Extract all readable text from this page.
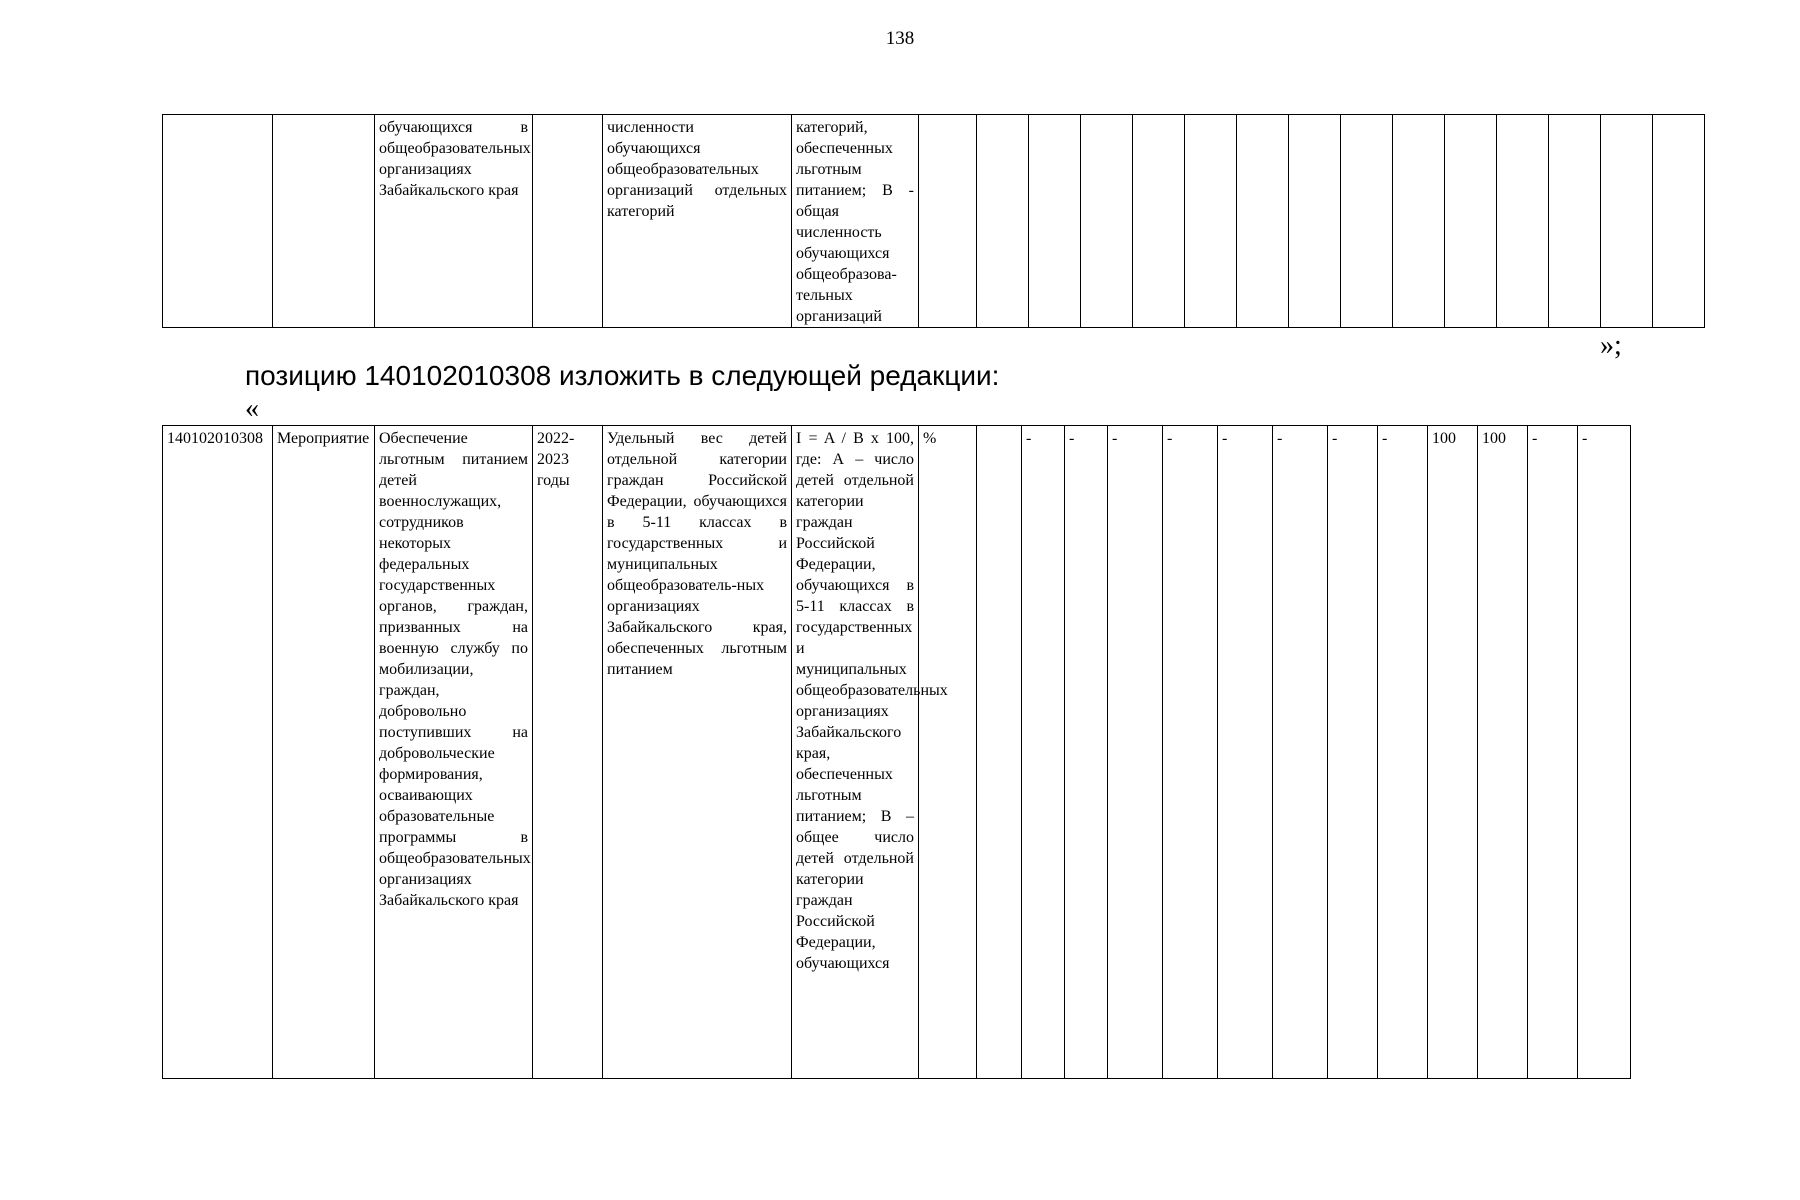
138
		обучающихся в общеобразовательных организациях Забайкальского края		численности обучающихся общеобразовательных организаций отдельных категорий	категорий, обеспеченных льготным питанием; В - общая численность обучающихся общеобразова-тельных организаций															
»;
позицию 140102010308 изложить в следующей редакции:
«
140102010308	Мероприятие	Обеспечение льготным питанием детей военнослужащих, сотрудников некоторых федеральных государственных органов, граждан, призванных на военную службу по мобилизации, граждан, добровольно поступивших на добровольческие формирования, осваивающих образовательные программы в общеобразовательных организациях Забайкальского края	2022-2023 годы	Удельный вес детей отдельной категории граждан Российской Федерации, обучающихся в 5-11 классах в государственных и муниципальных общеобразователь-ных организациях Забайкальского края, обеспеченных льготным питанием	I = A / B x 100, где: А – число детей отдельной категории граждан Российской Федерации, обучающихся в 5-11 классах в государственных и муниципальных общеобразовательных организациях Забайкальского края, обеспеченных льготным питанием; В – общее число детей отдельной категории граждан Российской Федерации, обучающихся	%		-	-	-	-	-	-	-	-	100	100	-	-
